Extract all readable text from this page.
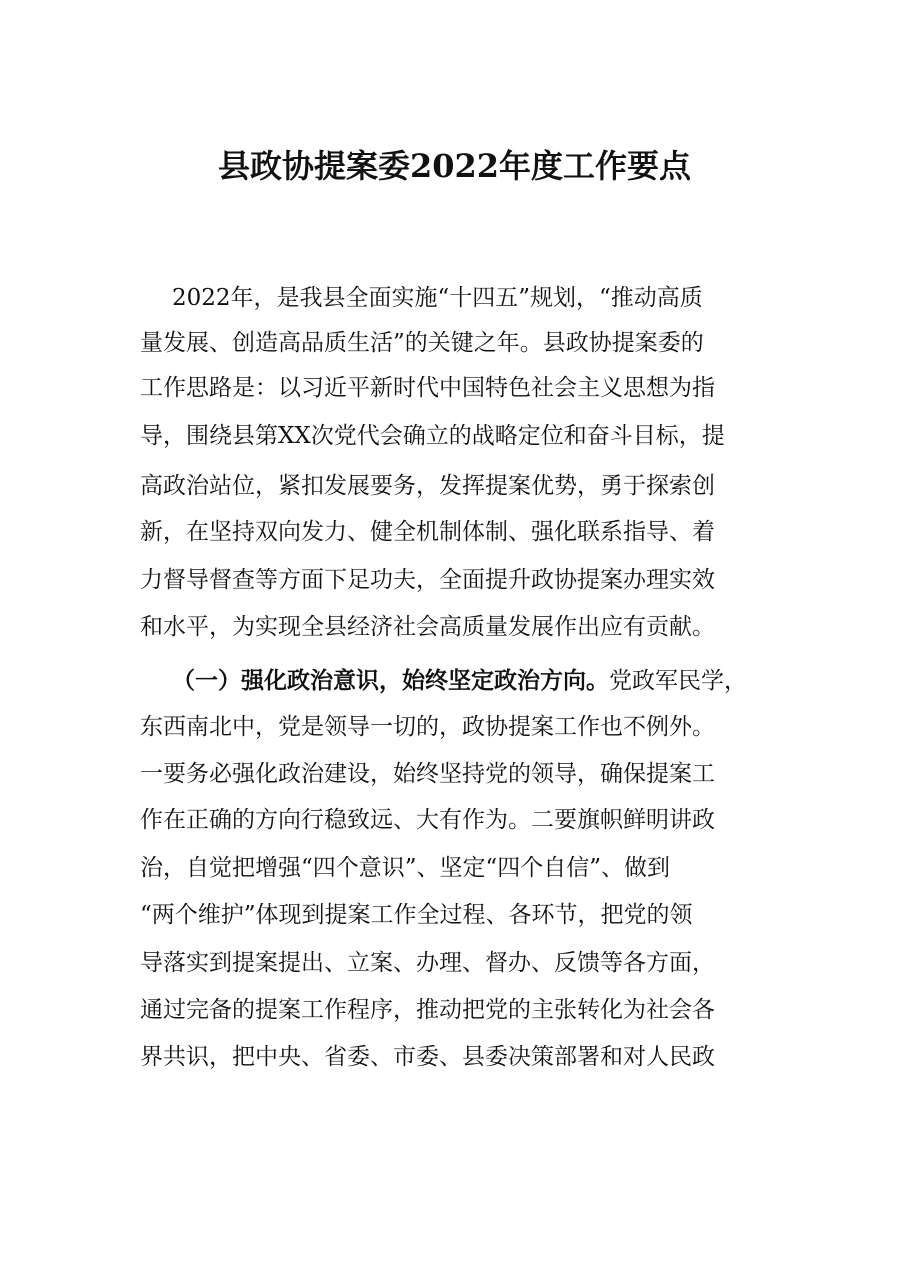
县政协提案委2022年度工作要点
2022年，是我县全面实施“十四五”规划，“推动高质
量发展、创造高品质生活”的关键之年。县政协提案委的
工作思路是：以习近平新时代中国特色社会主义思想为指
导，围绕县第XX次党代会确立的战略定位和奋斗目标，提
高政治站位，紧扣发展要务，发挥提案优势，勇于探索创
新，在坚持双向发力、健全机制体制、强化联系指导、着
力督导督查等方面下足功夫，全面提升政协提案办理实效
和水平，为实现全县经济社会高质量发展作出应有贡献。
（一）强化政治意识，始终坚定政治方向。党政军民学，
东西南北中，党是领导一切的，政协提案工作也不例外。
一要务必强化政治建设，始终坚持党的领导，确保提案工
作在正确的方向行稳致远、大有作为。二要旗帜鲜明讲政
治，自觉把增强“四个意识”、坚定“四个自信”、做到
“两个维护”体现到提案工作全过程、各环节，把党的领
导落实到提案提出、立案、办理、督办、反馈等各方面，
通过完备的提案工作程序，推动把党的主张转化为社会各
界共识，把中央、省委、市委、县委决策部署和对人民政
